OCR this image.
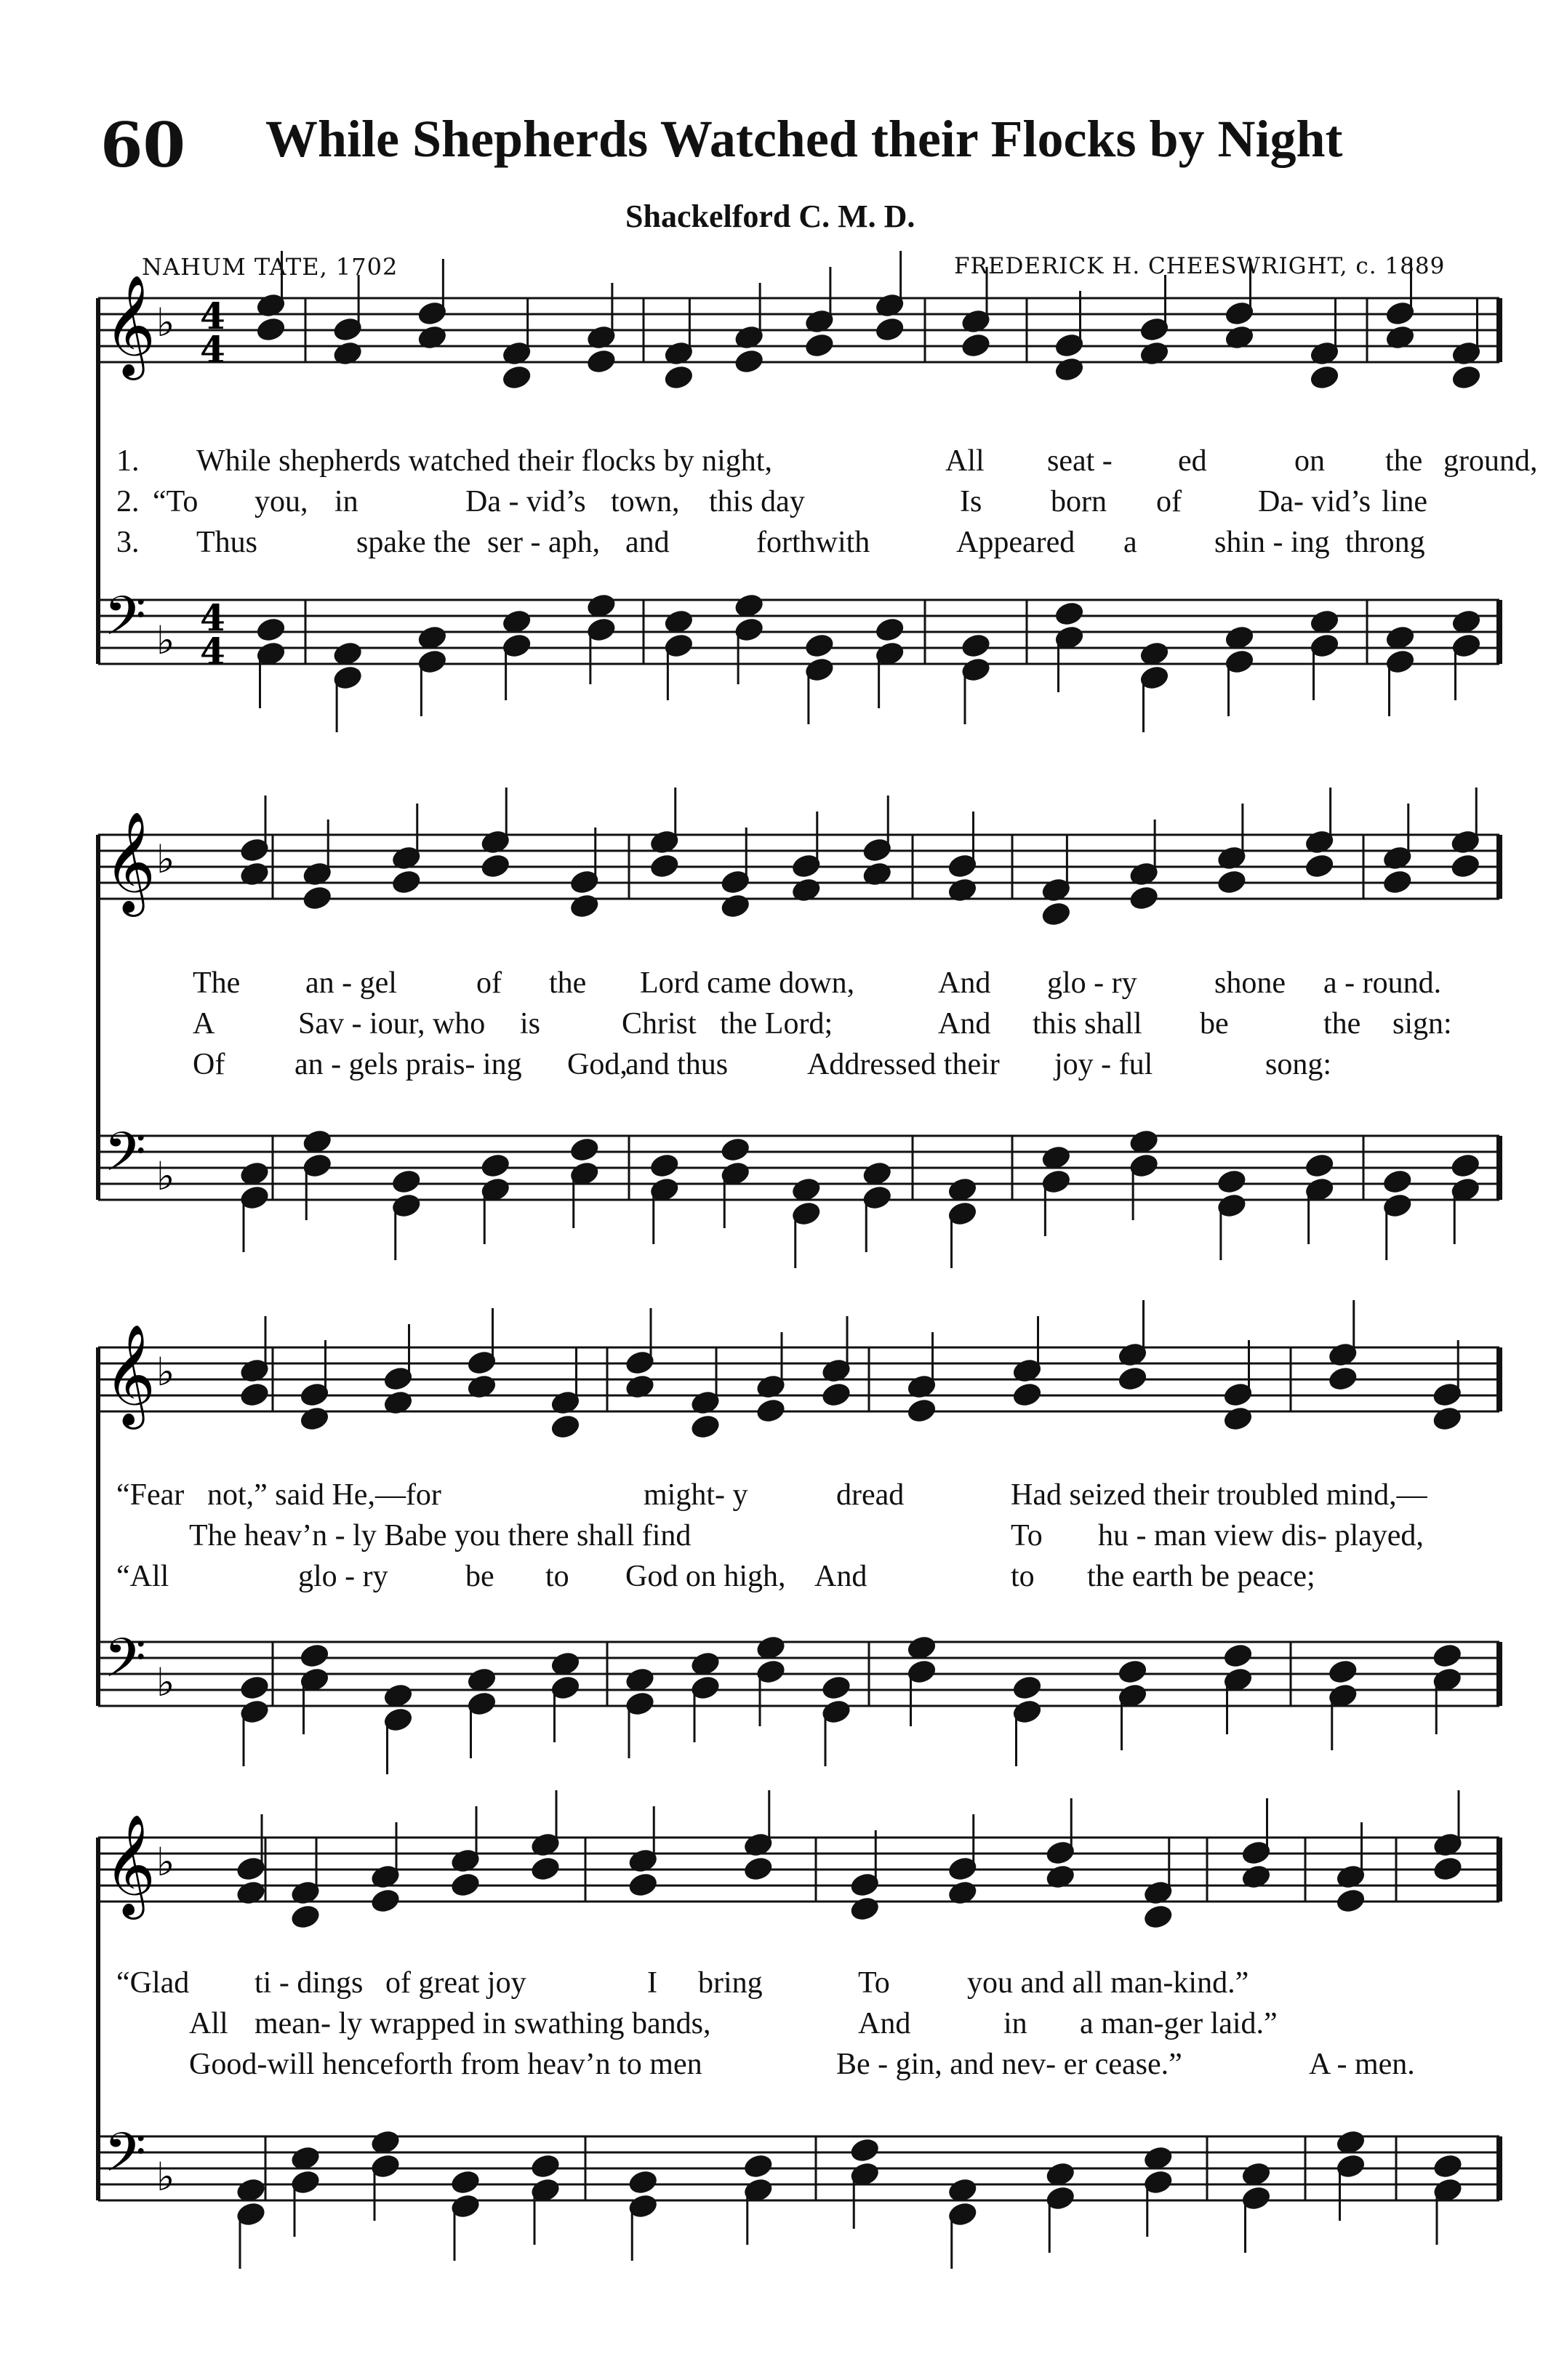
60 While Shepherds Watched their Flocks by Night
Shackelford C. M. D.
NAHUM TATE, 1702	FREDERICK H. CHEESWRIGHT, c. 1889
𝄞
𝄢
♭
♭
4
4
4
4
1. While shepherds watched their flocks by night,	All seat - ed	on the ground,
2. “To you, in	Da - vid’s town, this day	Is born of	Da- vid’s line
3. Thus	spake the ser - aph, and	forthwith	Appeared a	shin - ing throng
𝄞
𝄢
♭
♭
The an - gel	of the Lord came down,	And glo - ry	shone a - round.
A	Sav - iour, who is	Christ the Lord;	And this shall be	the sign:
Of an - gels prais- ing God,
and thus	Addressed their joy - ful	song:
𝄞
𝄢
♭
♭
“Fear not,” said He,—for	might- y	dread	Had seized their troubled mind,—
The heav’n - ly Babe you there shall find	To hu - man view dis- played,
“All	glo - ry	be to God on high, And	to the earth be peace;
𝄞
𝄢
♭
♭
“Glad ti - dings of great joy	I bring	To	you and all man-kind.”
All mean- ly wrapped in swathing bands,	And	in a man-ger laid.”
Good-will henceforth from heav’n to men	Be - gin, and nev- er cease.”	A - men.
